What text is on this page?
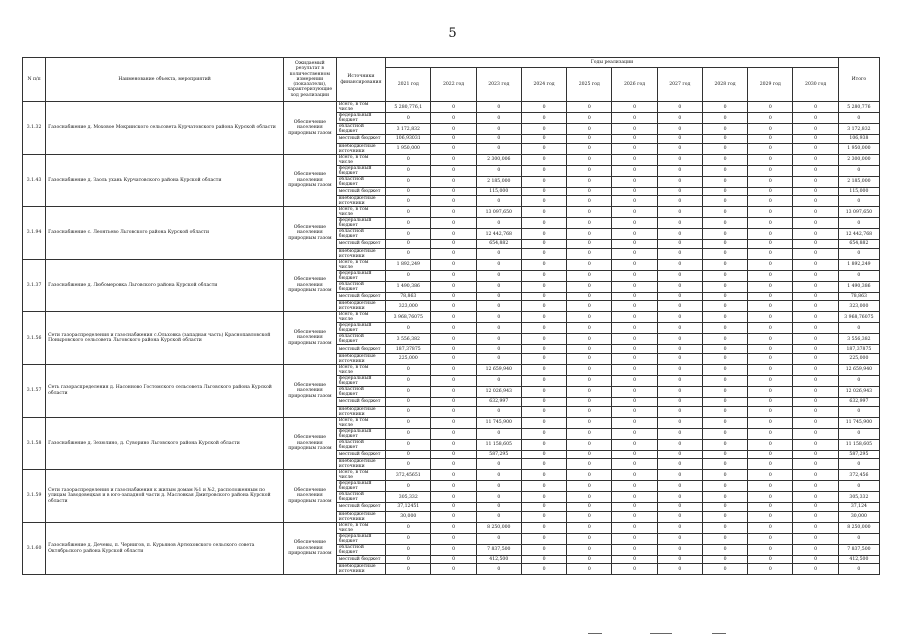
5
N п/п	Наименование объекта, мероприятий	Ожидаемый результат в количественном измерении (показатели), характеризующие ход реализации	Источники финансирования	Годы реализации										Итого
				2021 год	2022 год	2023 год	2024 год	2025 год	2026 год	2027 год	2028 год	2029 год	2030 год	
3.1.32	Газоснабжение д. Моховое Мокринского сельсовета Курчатовского района Курской области	Обеспечение населения природным газом	Всего, в том числе	5 280,776,1	0	0	0	0	0	0	0	0	0	5 280,776
			федеральный бюджет	0	0	0	0	0	0	0	0	0	0	0
			областной бюджет	3 172,832	0	0	0	0	0	0	0	0	0	3 172,832
			местный бюджет	106,93031	0	0	0	0	0	0	0	0	0	106,938
			внебюджетные источники	1 950,000	0	0	0	0	0	0	0	0	0	1 950,000
3.1.43	Газоснабжение д. Заоль ухань Курчатовского района Курской области	Обеспечение населения природным газом	Всего, в том числе	0	0	2 300,006	0	0	0	0	0	0	0	2 300,000
			федеральный бюджет	0	0	0	0	0	0	0	0	0	0	0
			областной бюджет	0	0	2 185,000	0	0	0	0	0	0	0	2 185,000
			местный бюджет	0	0	115,000	0	0	0	0	0	0	0	115,000
			внебюджетные источники	0	0	0	0	0	0	0	0	0	0	0
3.1.94	Газоснабжение с. Леонтьево Льговского района Курской области	Обеспечение населения природным газом	Всего, в том числе	0	0	13 097,650	0	0	0	0	0	0	0	13 097,650
			федеральный бюджет	0	0	0	0	0	0	0	0	0	0	0
			областной бюджет	0	0	12 442,768	0	0	0	0	0	0	0	12 442,768
			местный бюджет	0	0	654,882	0	0	0	0	0	0	0	654,882
			внебюджетные источники	0	0	0	0	0	0	0	0	0	0	0
3.1.37	Газоснабжение д. Любомеровка Льговского района Курской области	Обеспечение населения природным газом	Всего, в том числе	1 892,249	0	0	0	0	0	0	0	0	0	1 892,249
			федеральный бюджет	0	0	0	0	0	0	0	0	0	0	0
			областной бюджет	1 490,386	0	0	0	0	0	0	0	0	0	1 490,386
			местный бюджет	78,863	0	0	0	0	0	0	0	0	0	78,863
			внебюджетные источники	323,000	0	0	0	0	0	0	0	0	0	323,000
3.1.56	Сети газораспределения и газоснабжения с.Ольховка (западная часть) Краснопавловской Поныровского сельсовета Льговского района Курской области	Обеспечение населения природным газом	Всего, в том числе	3 968,76075	0	0	0	0	0	0	0	0	0	3 968,76075
			федеральный бюджет	0	0	0	0	0	0	0	0	0	0	0
			областной бюджет	3 556,382	0	0	0	0	0	0	0	0	0	3 556,382
			местный бюджет	187,37875	0	0	0	0	0	0	0	0	0	187,37875
			внебюджетные источники	225,000	0	0	0	0	0	0	0	0	0	225,000
3.1.57	Сеть газораспределения д. Насонново Гостомского сельсовета Льговского района Курской области	Обеспечение населения природным газом	Всего, в том числе	0	0	12 659,940	0	0	0	0	0	0	0	12 659,940
			федеральный бюджет	0	0	0	0	0	0	0	0	0	0	0
			областной бюджет	0	0	12 026,943	0	0	0	0	0	0	0	12 026,943
			местный бюджет	0	0	632,997	0	0	0	0	0	0	0	632,997
			внебюджетные источники	0	0	0	0	0	0	0	0	0	0	0
3.1.58	Газоснабжение д. Зезюлино, д. Суворино Льговского района Курской области	Обеспечение населения природным газом	Всего, в том числе	0	0	11 745,900	0	0	0	0	0	0	0	11 745,900
			федеральный бюджет	0	0	0	0	0	0	0	0	0	0	0
			областной бюджет	0	0	11 158,605	0	0	0	0	0	0	0	11 158,605
			местный бюджет	0	0	587,295	0	0	0	0	0	0	0	587,295
			внебюджетные источники	0	0	0	0	0	0	0	0	0	0	0
3.1.59	Сети газораспределения и газоснабжения к жилым домам №1 и №2, расположенным по улицам Заводовецкая и в юго-западной части д. Масловкая Дмитровского района Курской области	Обеспечение населения природным газом	Всего, в том числе	372,45651	0	0	0	0	0	0	0	0	0	372,456
			федеральный бюджет	0	0	0	0	0	0	0	0	0	0	0
			областной бюджет	305,332	0	0	0	0	0	0	0	0	0	305,332
			местный бюджет	37,12451	0	0	0	0	0	0	0	0	0	37,124
			внебюджетные источники	30,000	0	0	0	0	0	0	0	0	0	30,000
3.1.60	Газоснабжение д. Дечевы, п. Чернигов, п. Курьянов Артюховского сельского совета Октябрьского района Курской области	Обеспечение населения природным газом	Всего, в том числе	0	0	8 250,000	0	0	0	0	0	0	0	8 250,000
			федеральный бюджет	0	0	0	0	0	0	0	0	0	0	0
			областной бюджет	0	0	7 837,500	0	0	0	0	0	0	0	7 837,500
			местный бюджет	0	0	412,500	0	0	0	0	0	0	0	412,500
			внебюджетные источники	0	0	0	0	0	0	0	0	0	0	0
